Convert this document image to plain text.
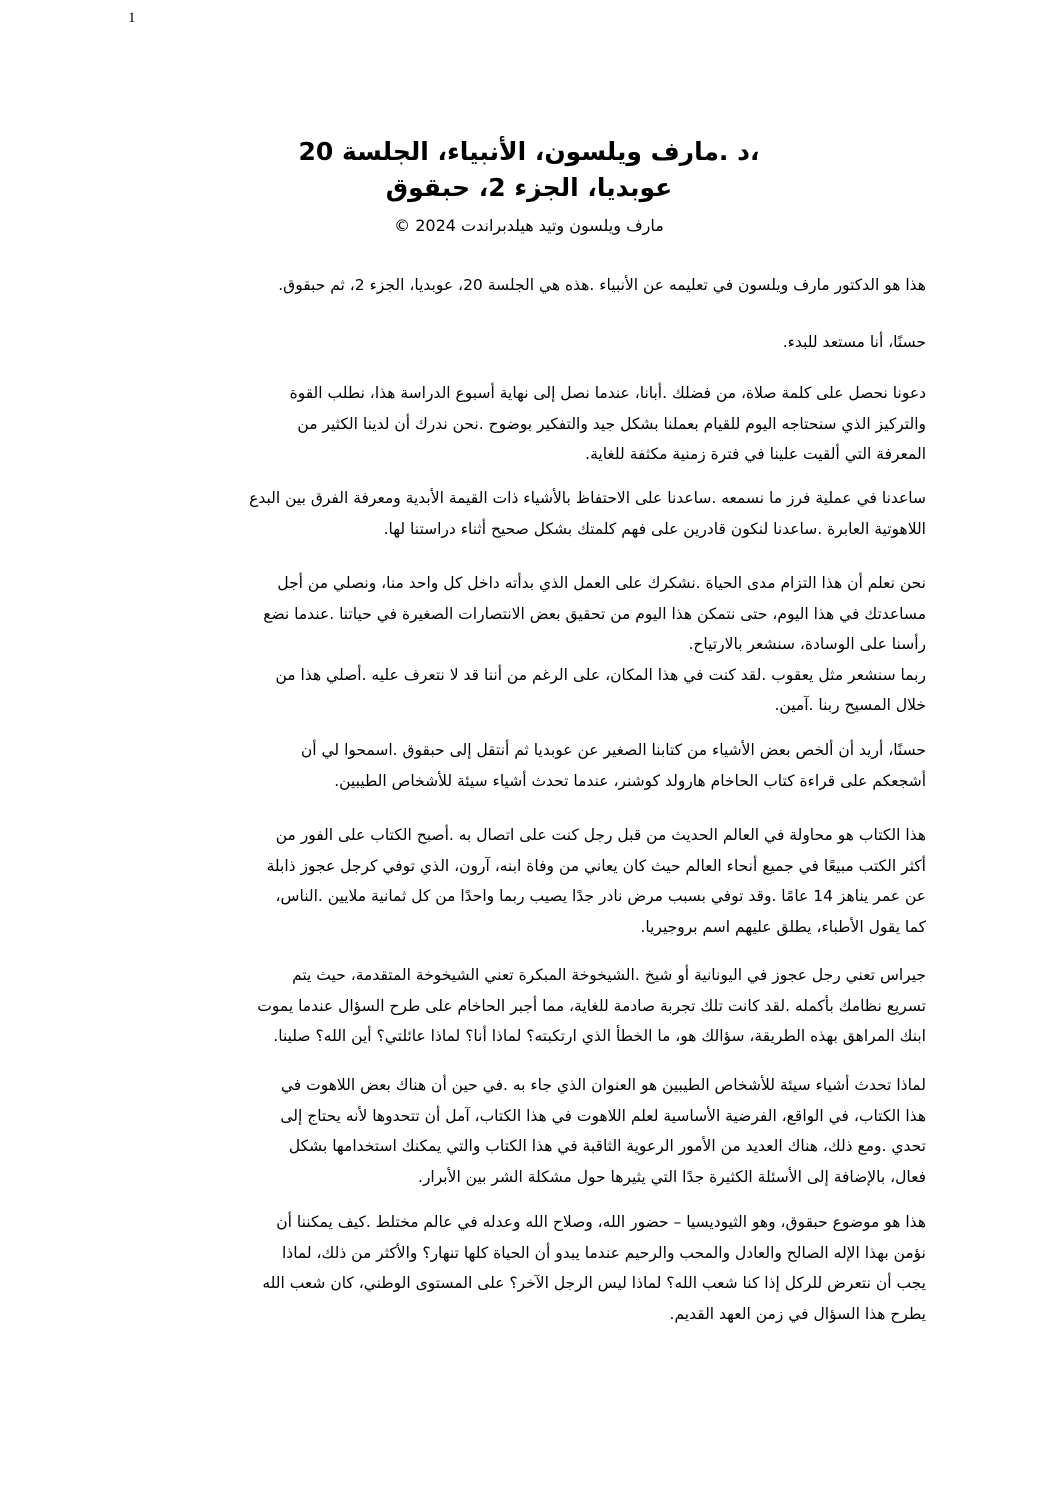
1
،د .مارف ويلسون، الأنبياء، الجلسة 20
عوبديا، الجزء 2، حبقوق
مارف ويلسون وتيد هيلدبراندت 2024 ©
هذا هو الدكتور مارف ويلسون في تعليمه عن الأنبياء .هذه هي الجلسة 20، عوبديا، الجزء 2، ثم حبقوق.
حسنًا، أنا مستعد للبدء.
دعونا نحصل على كلمة صلاة، من فضلك .أبانا، عندما نصل إلى نهاية أسبوع الدراسة هذا، نطلب القوة
والتركيز الذي سنحتاجه اليوم للقيام بعملنا بشكل جيد والتفكير بوضوح .نحن ندرك أن لدينا الكثير من
المعرفة التي ألقيت علينا في فترة زمنية مكثفة للغاية.
ساعدنا في عملية فرز ما نسمعه .ساعدنا على الاحتفاظ بالأشياء ذات القيمة الأبدية ومعرفة الفرق بين البدع
اللاهوتية العابرة .ساعدنا لنكون قادرين على فهم كلمتك بشكل صحيح أثناء دراستنا لها.
نحن نعلم أن هذا التزام مدى الحياة .نشكرك على العمل الذي بدأته داخل كل واحد منا، ونصلي من أجل
مساعدتك في هذا اليوم، حتى نتمكن هذا اليوم من تحقيق بعض الانتصارات الصغيرة في حياتنا .عندما نضع
رأسنا على الوسادة، سنشعر بالارتياح.
ربما سنشعر مثل يعقوب .لقد كنت في هذا المكان، على الرغم من أننا قد لا نتعرف عليه .أصلي هذا من
خلال المسيح ربنا .آمين.
حسنًا، أريد أن ألخص بعض الأشياء من كتابنا الصغير عن عوبديا ثم أنتقل إلى حبقوق .اسمحوا لي أن
أشجعكم على قراءة كتاب الحاخام هارولد كوشنر، عندما تحدث أشياء سيئة للأشخاص الطيبين.
هذا الكتاب هو محاولة في العالم الحديث من قبل رجل كنت على اتصال به .أصبح الكتاب على الفور من
أكثر الكتب مبيعًا في جميع أنحاء العالم حيث كان يعاني من وفاة ابنه، آرون، الذي توفي كرجل عجوز ذابلة
عن عمر يناهز 14 عامًا .وقد توفي بسبب مرض نادر جدًا يصيب ربما واحدًا من كل ثمانية ملايين .الناس،
كما يقول الأطباء، يطلق عليهم اسم بروجيريا.
جيراس تعني رجل عجوز في اليونانية أو شيخ .الشيخوخة المبكرة تعني الشيخوخة المتقدمة، حيث يتم
تسريع نظامك بأكمله .لقد كانت تلك تجربة صادمة للغاية، مما أجبر الحاخام على طرح السؤال عندما يموت
ابنك المراهق بهذه الطريقة، سؤالك هو، ما الخطأ الذي ارتكبته؟ لماذا أنا؟ لماذا عائلتي؟ أين الله؟ صلينا.
لماذا تحدث أشياء سيئة للأشخاص الطيبين هو العنوان الذي جاء به .في حين أن هناك بعض اللاهوت في
هذا الكتاب، في الواقع، الفرضية الأساسية لعلم اللاهوت في هذا الكتاب، آمل أن تتحدوها لأنه يحتاج إلى
تحدي .ومع ذلك، هناك العديد من الأمور الرعوية الثاقبة في هذا الكتاب والتي يمكنك استخدامها بشكل
فعال، بالإضافة إلى الأسئلة الكثيرة جدًا التي يثيرها حول مشكلة الشر بين الأبرار.
هذا هو موضوع حبقوق، وهو الثيوديسيا – حضور الله، وصلاح الله وعدله في عالم مختلط .كيف يمكننا أن
نؤمن بهذا الإله الصالح والعادل والمحب والرحيم عندما يبدو أن الحياة كلها تنهار؟ والأكثر من ذلك، لماذا
يجب أن نتعرض للركل إذا كنا شعب الله؟ لماذا ليس الرجل الآخر؟ على المستوى الوطني، كان شعب الله
يطرح هذا السؤال في زمن العهد القديم.
